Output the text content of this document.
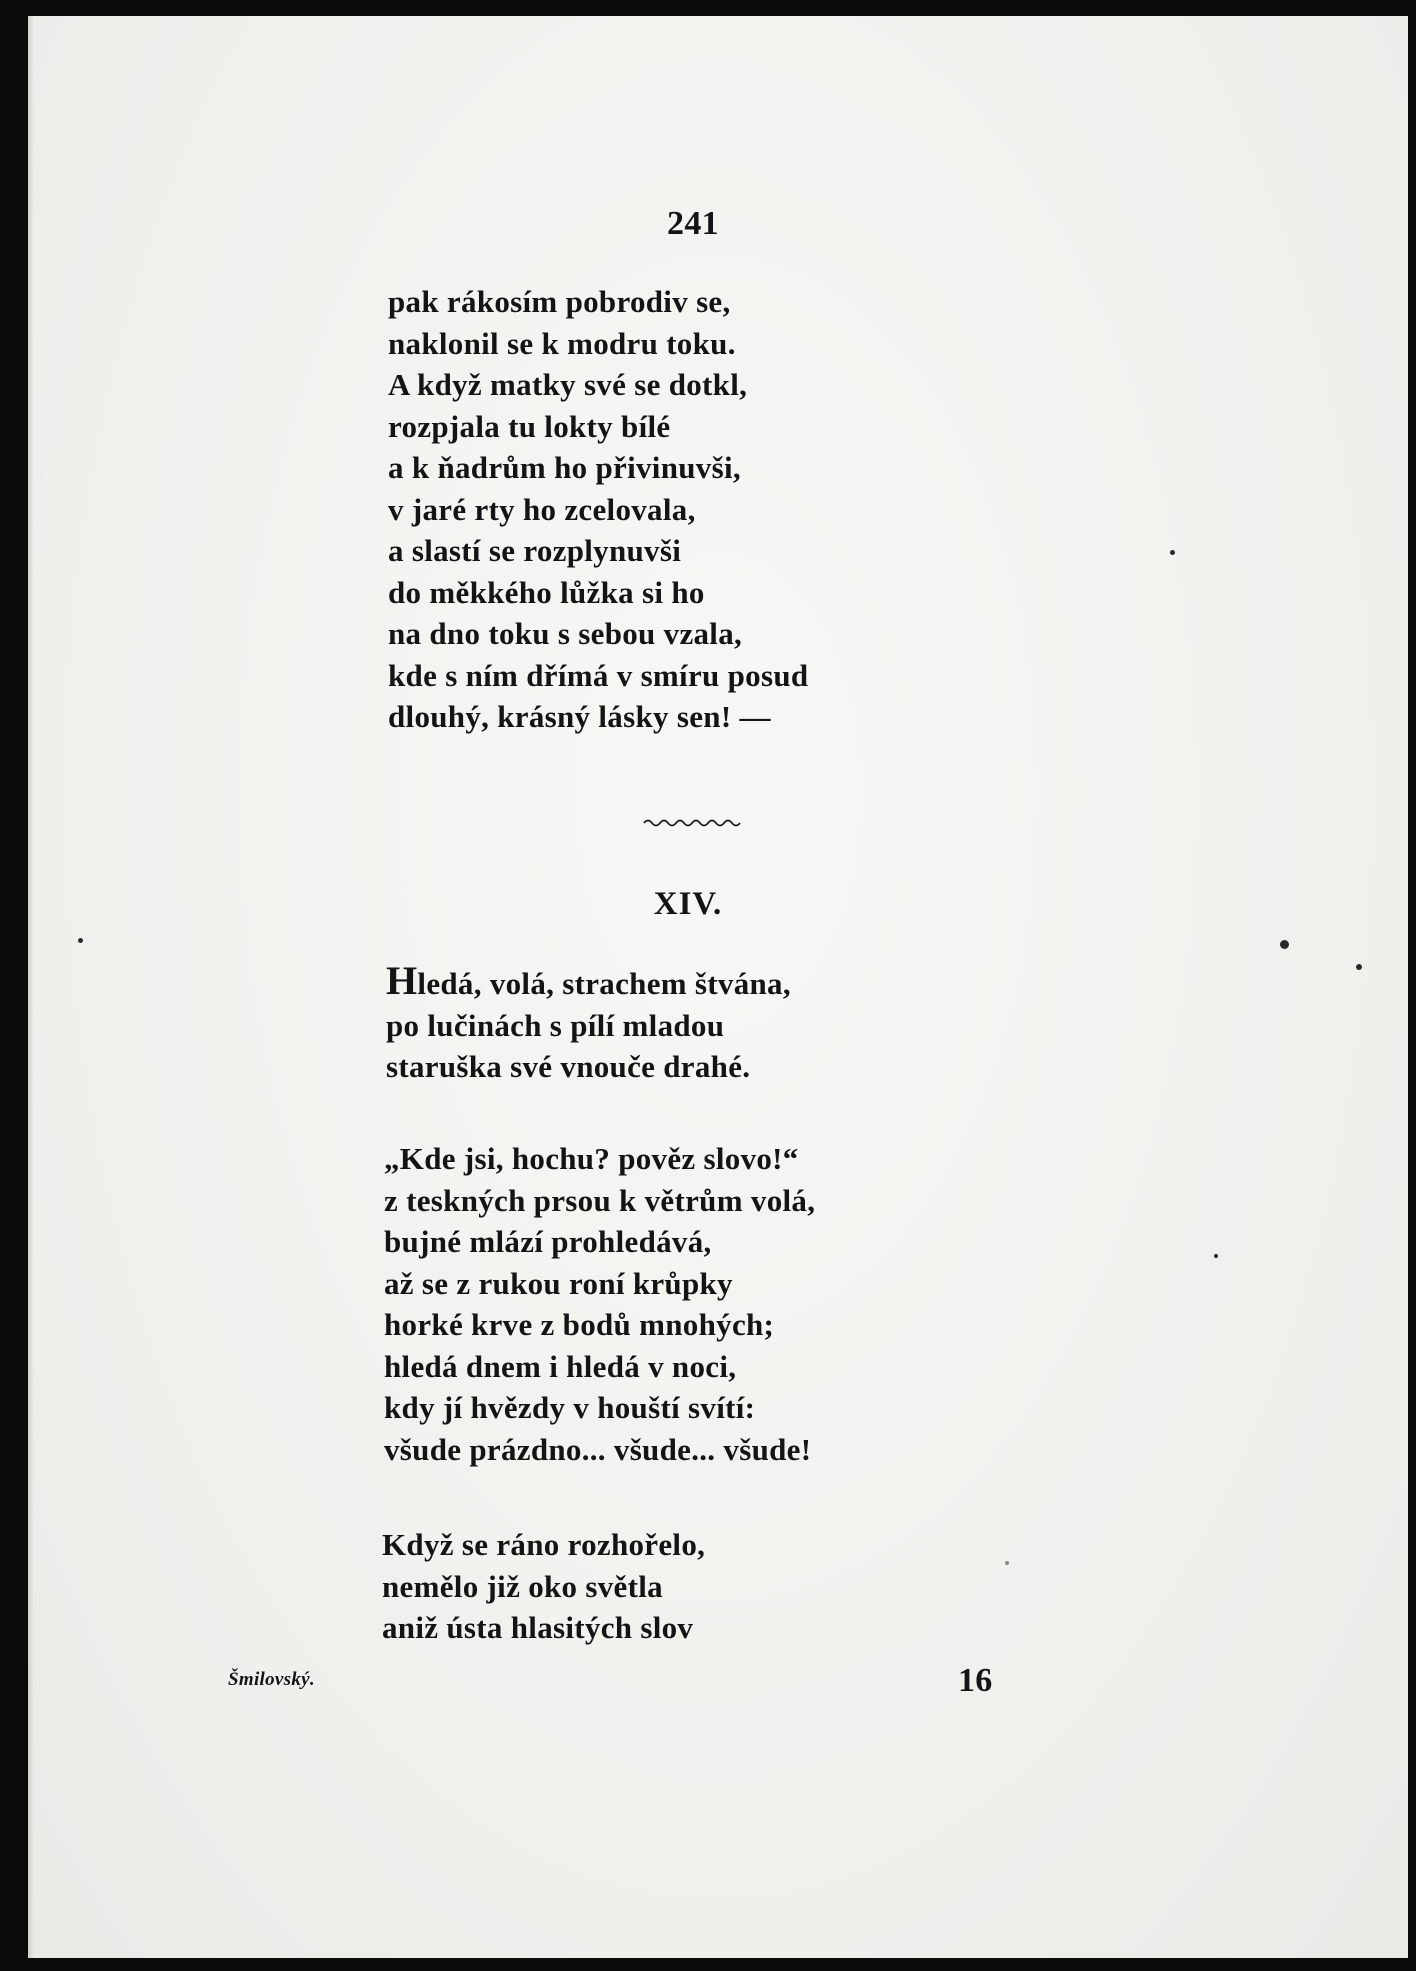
241
pak rákosím pobrodiv se,
naklonil se k modru toku.
A když matky své se dotkl,
rozpjala tu lokty bílé
a k ňadrům ho přivinuvši,
v jaré rty ho zcelovala,
a slastí se rozplynuvši
do měkkého lůžka si ho
na dno toku s sebou vzala,
kde s ním dřímá v smíru posud
dlouhý, krásný lásky sen! —
XIV.
Hledá, volá, strachem štvána,
po lučinách s pílí mladou
staruška své vnouče drahé.
„Kde jsi, hochu? pověz slovo!“
z teskných prsou k větrům volá,
bujné mlází prohledává,
až se z rukou roní krůpky
horké krve z bodů mnohých;
hledá dnem i hledá v noci,
kdy jí hvězdy v houští svítí:
všude prázdno... všude... všude!
Když se ráno rozhořelo,
nemělo již oko světla
aniž ústa hlasitých slov
Šmilovský.	16
